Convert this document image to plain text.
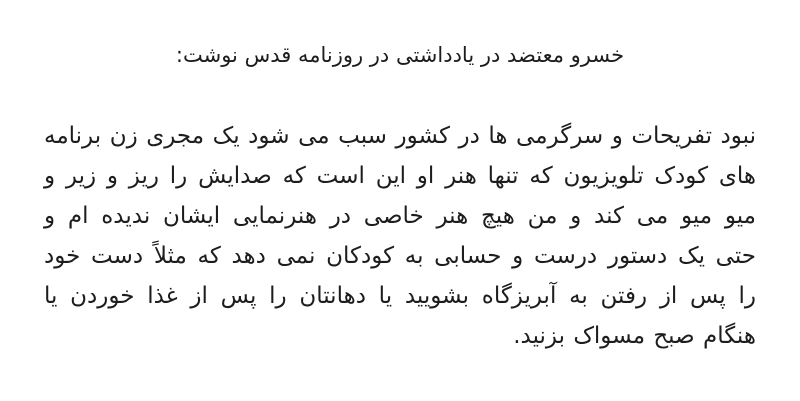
خسرو معتضد در یادداشتی در روزنامه قدس نوشت:
نبود تفریحات و سرگرمی ها در کشور سبب می شود یک مجری زن برنامه
های کودک تلویزیون که تنها هنر او این است که صدایش را ریز و زیر و
میو میو می کند و من هیچ هنر خاصی در هنرنمایی ایشان ندیده ام و
حتی یک دستور درست و حسابی به کودکان نمی دهد که مثلاً دست خود
را پس از رفتن به آبریزگاه بشویید یا دهانتان را پس از غذا خوردن یا
هنگام صبح مسواک بزنید.
